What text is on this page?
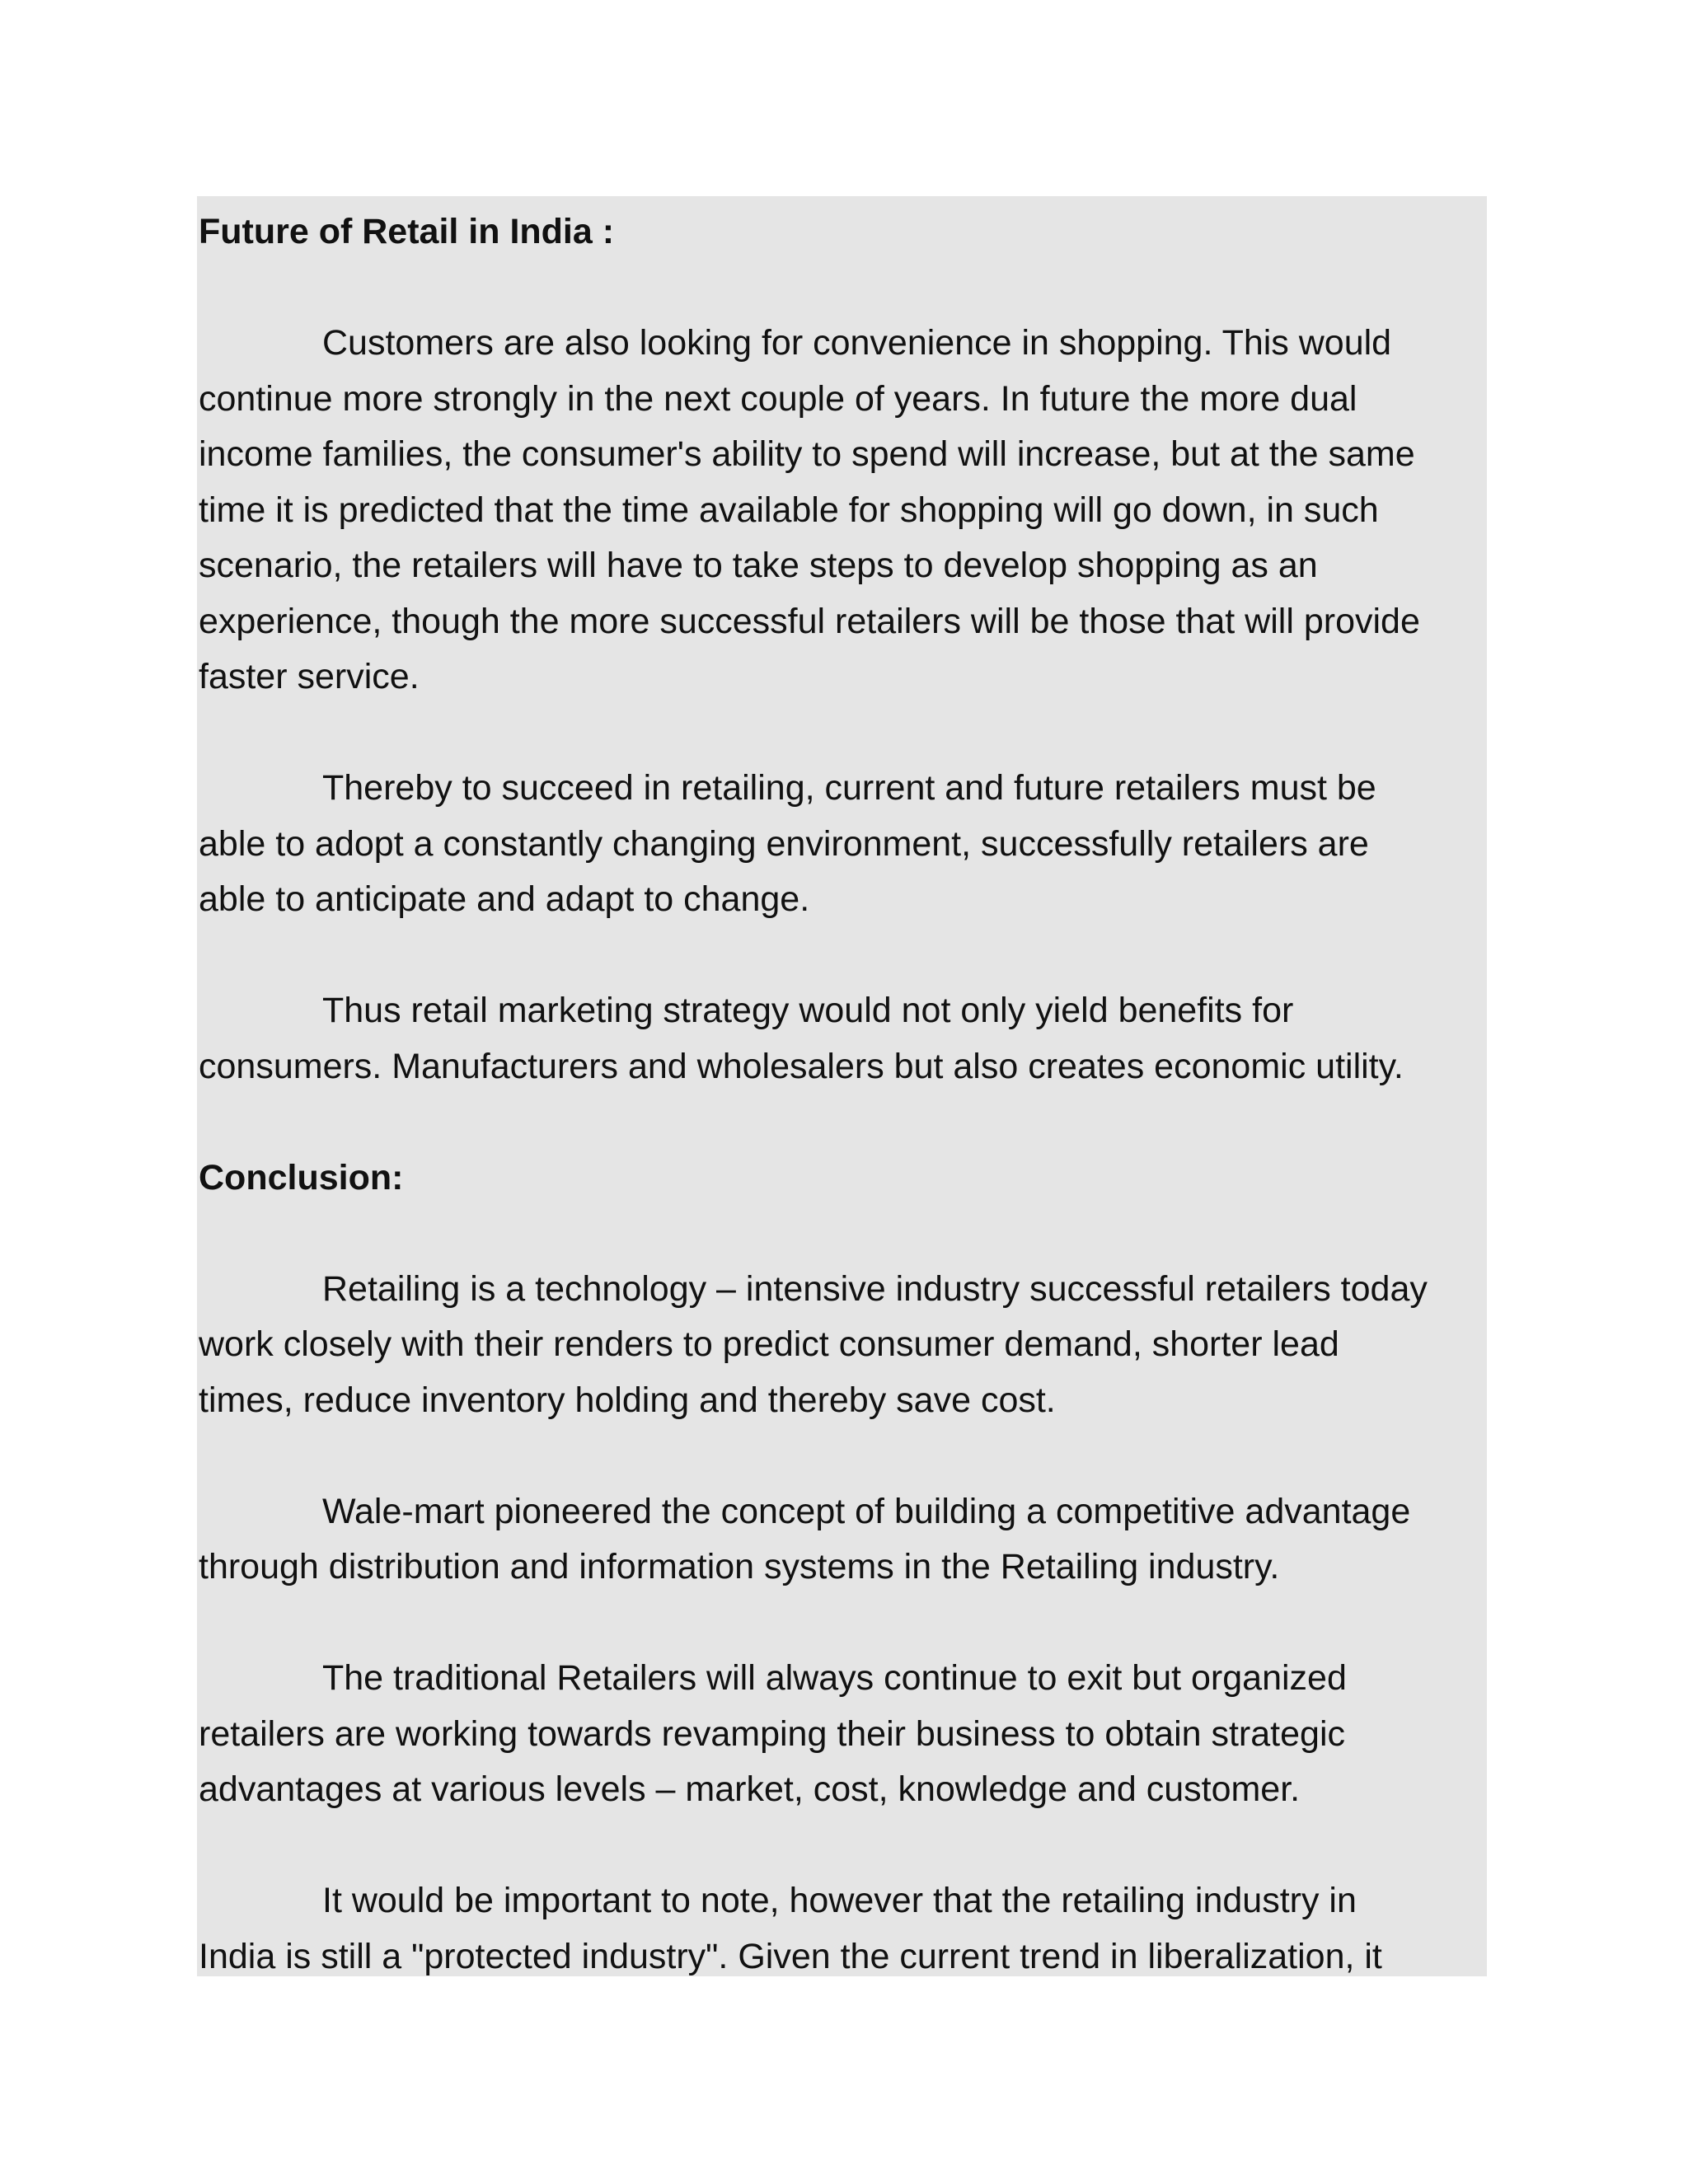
Future of Retail in India :

Customers are also looking for convenience in shopping. This would
continue more strongly in the next couple of years. In future the more dual
income families, the consumer's ability to spend will increase, but at the same
time it is predicted that the time available for shopping will go down, in such
scenario, the retailers will have to take steps to develop shopping as an
experience, though the more successful retailers will be those that will provide
faster service.

Thereby to succeed in retailing, current and future retailers must be
able to adopt a constantly changing environment, successfully retailers are
able to anticipate and adapt to change.

Thus retail marketing strategy would not only yield benefits for
consumers. Manufacturers and wholesalers but also creates economic utility.

Conclusion:

Retailing is a technology – intensive industry successful retailers today
work closely with their renders to predict consumer demand, shorter lead
times, reduce inventory holding and thereby save cost.

Wale-mart pioneered the concept of building a competitive advantage
through distribution and information systems in the Retailing industry.

The traditional Retailers will always continue to exit but organized
retailers are working towards revamping their business to obtain strategic
advantages at various levels – market, cost, knowledge and customer.

It would be important to note, however that the retailing industry in
India is still a "protected industry". Given the current trend in liberalization, it
